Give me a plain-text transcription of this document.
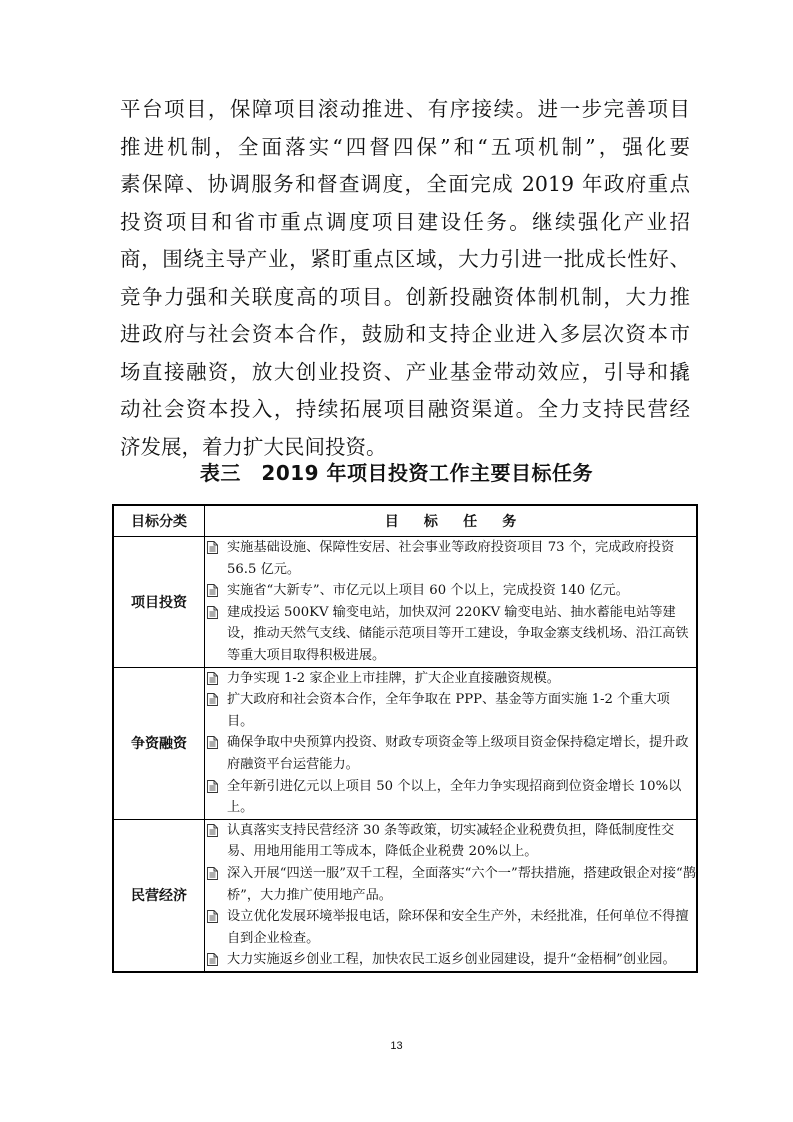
平台项目，保障项目滚动推进、有序接续。进一步完善项目
推进机制，全面落实“四督四保”和“五项机制”，强化要
素保障、协调服务和督查调度，全面完成 2019 年政府重点
投资项目和省市重点调度项目建设任务。继续强化产业招
商，围绕主导产业，紧盯重点区域，大力引进一批成长性好、
竞争力强和关联度高的项目。创新投融资体制机制，大力推
进政府与社会资本合作，鼓励和支持企业进入多层次资本市
场直接融资，放大创业投资、产业基金带动效应，引导和撬
动社会资本投入，持续拓展项目融资渠道。全力支持民营经
济发展，着力扩大民间投资。
表三　2019 年项目投资工作主要目标任务
目标分类	目标任务
项目投资	实施基础设施、保障性安居、社会事业等政府投资项目 73 个，完成政府投资 56.5 亿元。
实施省“大新专”、市亿元以上项目 60 个以上，完成投资 140 亿元。
建成投运 500KV 输变电站，加快双河 220KV 输变电站、抽水蓄能电站等建设，推动天然气支线、储能示范项目等开工建设，争取金寨支线机场、沿江高铁等重大项目取得积极进展。

争资融资	力争实现 1-2 家企业上市挂牌，扩大企业直接融资规模。
扩大政府和社会资本合作，全年争取在 PPP、基金等方面实施 1-2 个重大项目。
确保争取中央预算内投资、财政专项资金等上级项目资金保持稳定增长，提升政府融资平台运营能力。
全年新引进亿元以上项目 50 个以上，全年力争实现招商到位资金增长 10%以上。

民营经济	认真落实支持民营经济 30 条等政策，切实减轻企业税费负担，降低制度性交易、用地用能用工等成本，降低企业税费 20%以上。
深入开展“四送一服”双千工程，全面落实“六个一”帮扶措施，搭建政银企对接“鹊桥”，大力推广使用地产品。
设立优化发展环境举报电话，除环保和安全生产外，未经批准，任何单位不得擅自到企业检查。
大力实施返乡创业工程，加快农民工返乡创业园建设，提升“金梧桐”创业园。
13
